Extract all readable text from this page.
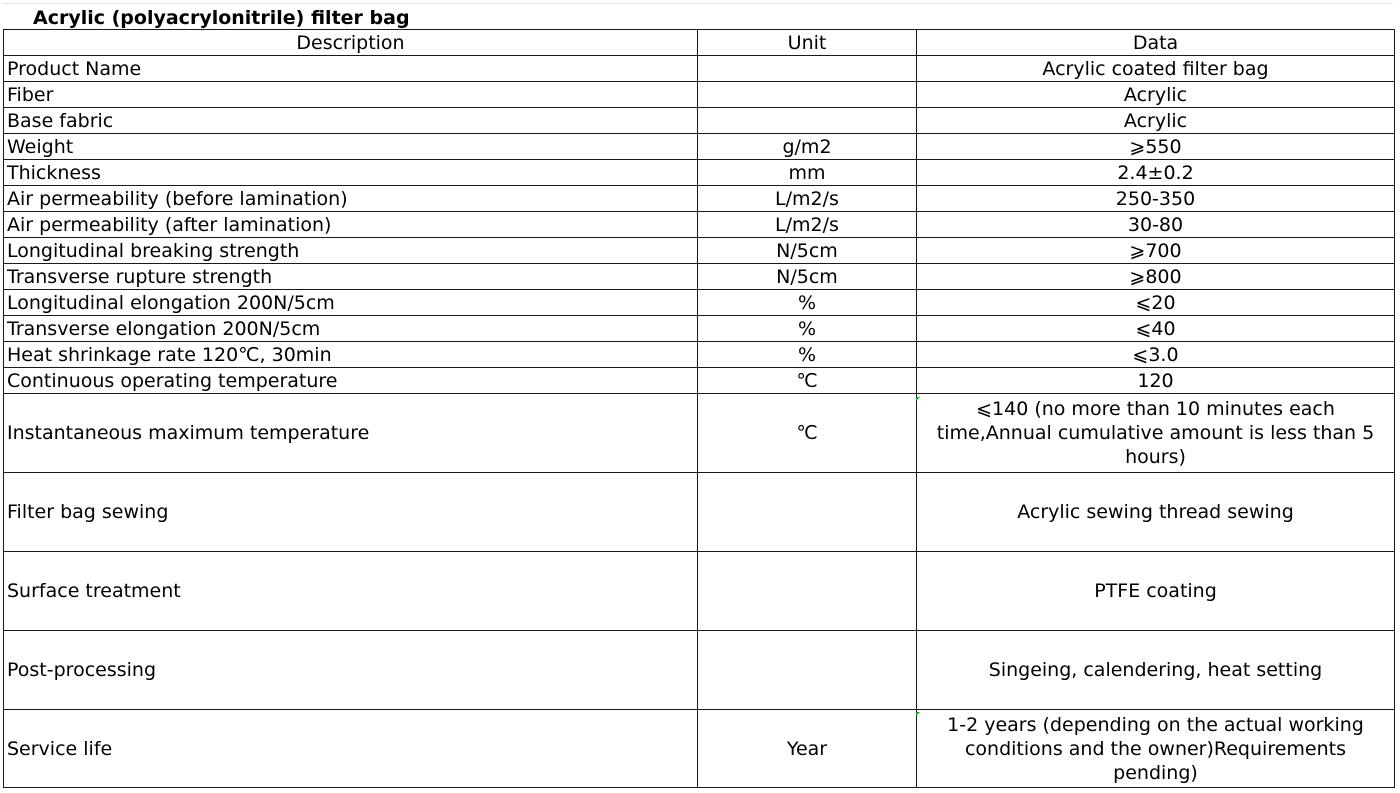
Acrylic (polyacrylonitrile) filter bag
Description	Unit	Data
Product Name		Acrylic coated filter bag
Fiber		Acrylic
Base fabric		Acrylic
Weight	g/m2	⩾550
Thickness	mm	2.4±0.2
Air permeability (before lamination)	L/m2/s	250-350
Air permeability (after lamination)	L/m2/s	30-80
Longitudinal breaking strength	N/5cm	⩾700
Transverse rupture strength	N/5cm	⩾800
Longitudinal elongation 200N/5cm	%	⩽20
Transverse elongation 200N/5cm	%	⩽40
Heat shrinkage rate 120℃, 30min	%	⩽3.0
Continuous operating temperature	℃	120
Instantaneous maximum temperature	℃	⩽140 (no more than 10 minutes each time,Annual cumulative amount is less than 5 hours)
Filter bag sewing		Acrylic sewing thread sewing
Surface treatment		PTFE coating
Post-processing		Singeing, calendering, heat setting
Service life	Year	1-2 years (depending on the actual working conditions and the owner)Requirements pending)
